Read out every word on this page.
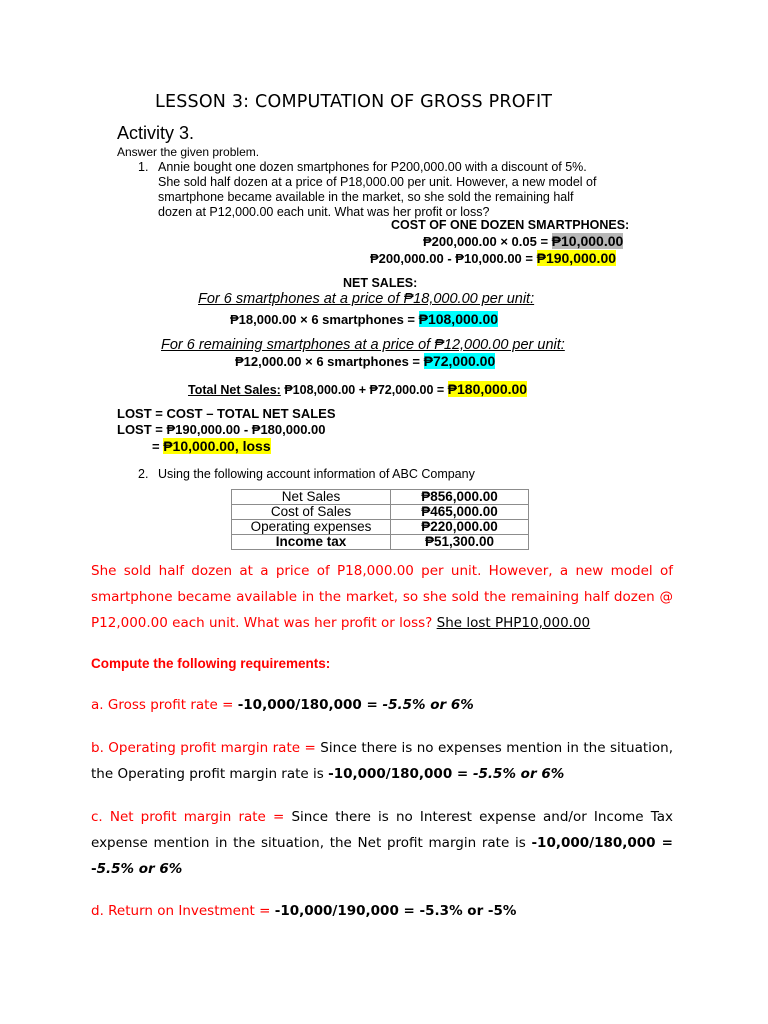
LESSON 3: COMPUTATION OF GROSS PROFIT
Activity 3.
Answer the given problem.
1. Annie bought one dozen smartphones for P200,000.00 with a discount of 5%.
She sold half dozen at a price of P18,000.00 per unit. However, a new model of
smartphone became available in the market, so she sold the remaining half
dozen at P12,000.00 each unit. What was her profit or loss?
COST OF ONE DOZEN SMARTPHONES:
₱200,000.00 × 0.05 = ₱10,000.00
₱200,000.00 - ₱10,000.00 = ₱190,000.00
NET SALES:
For 6 smartphones at a price of ₱18,000.00 per unit:
₱18,000.00 × 6 smartphones = ₱108,000.00
For 6 remaining smartphones at a price of ₱12,000.00 per unit:
₱12,000.00 × 6 smartphones = ₱72,000.00
Total Net Sales: ₱108,000.00 + ₱72,000.00 = ₱180,000.00
LOST = COST – TOTAL NET SALES
LOST = ₱190,000.00 - ₱180,000.00
= ₱10,000.00, loss
2. Using the following account information of ABC Company
Net Sales	₱856,000.00
Cost of Sales	₱465,000.00
Operating expenses	₱220,000.00
Income tax	₱51,300.00
She sold half dozen at a price of P18,000.00 per unit. However, a new model of smartphone became available in the market, so she sold the remaining half dozen @ P12,000.00 each unit. What was her profit or loss? She lost PHP10,000.00
Compute the following requirements:
a. Gross profit rate = -10,000/180,000 = -5.5% or 6%
b. Operating profit margin rate = Since there is no expenses mention in the situation, the Operating profit margin rate is -10,000/180,000 = -5.5% or 6%
c. Net profit margin rate = Since there is no Interest expense and/or Income Tax expense mention in the situation, the Net profit margin rate is -10,000/180,000 = -5.5% or 6%
d. Return on Investment = -10,000/190,000 = -5.3% or -5%
